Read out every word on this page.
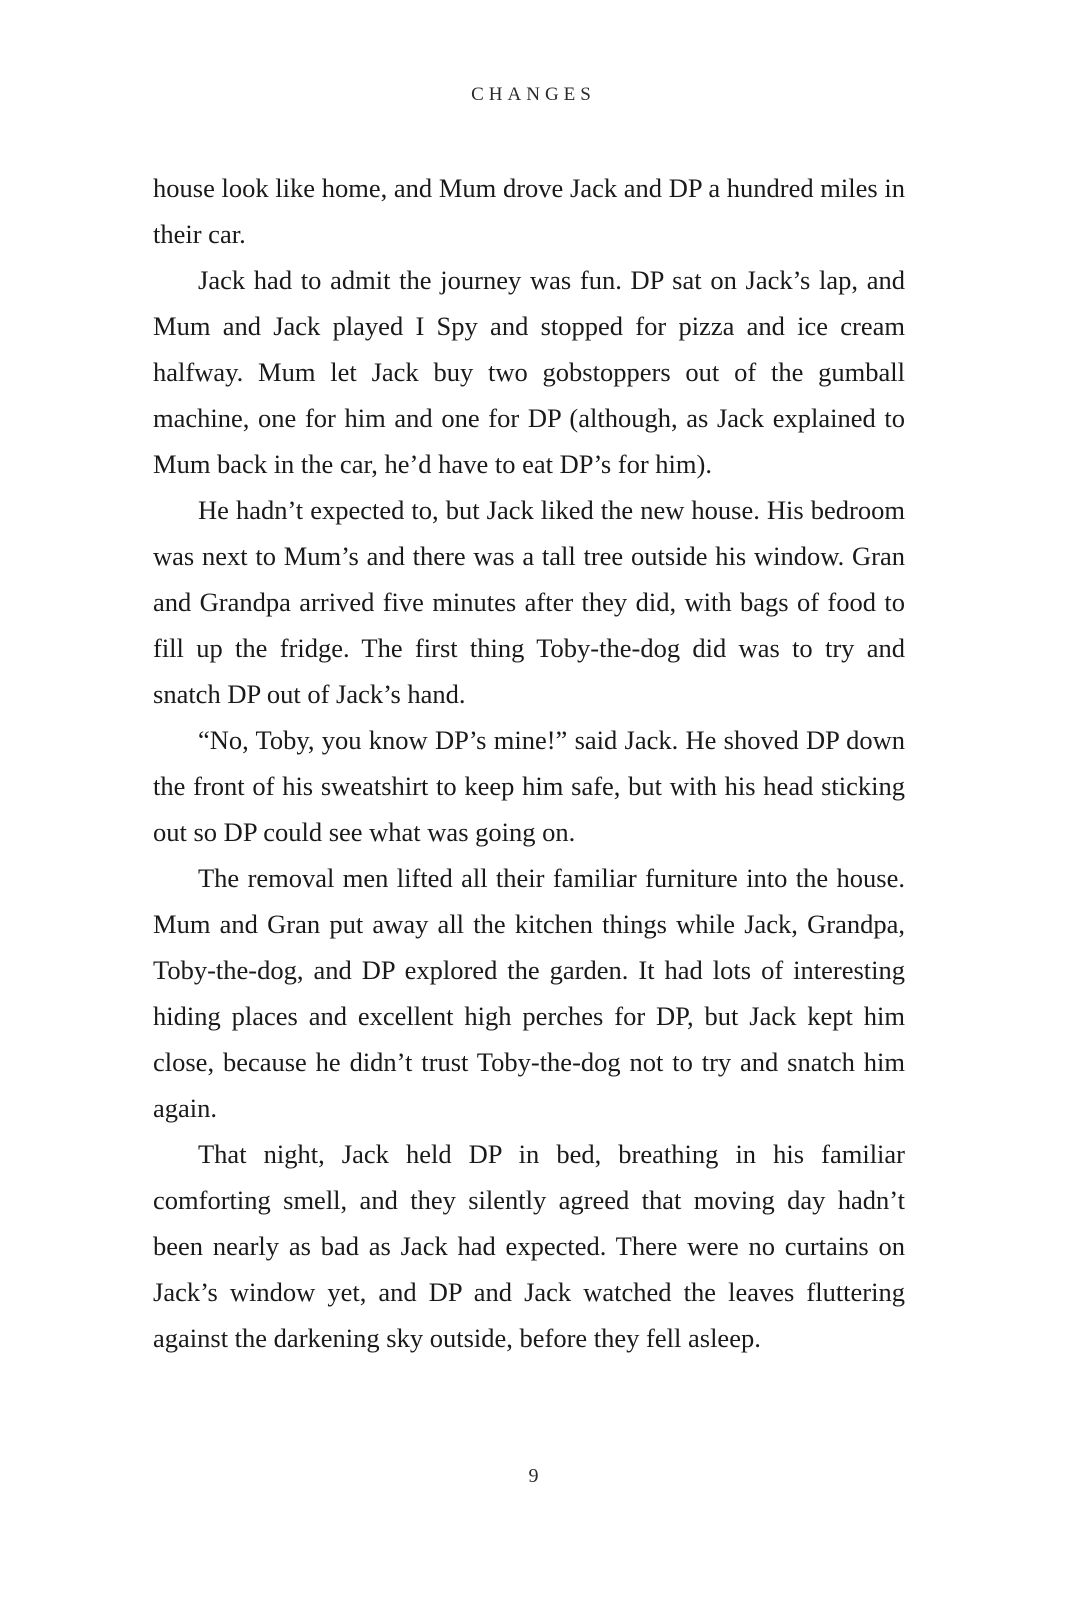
CHANGES

house look like home, and Mum drove Jack and DP a hundred miles in their car.

Jack had to admit the journey was fun. DP sat on Jack’s lap, and Mum and Jack played I Spy and stopped for pizza and ice cream halfway. Mum let Jack buy two gobstoppers out of the gumball machine, one for him and one for DP (although, as Jack explained to Mum back in the car, he’d have to eat DP’s for him).

He hadn’t expected to, but Jack liked the new house. His bedroom was next to Mum’s and there was a tall tree outside his window. Gran and Grandpa arrived five minutes after they did, with bags of food to fill up the fridge. The first thing Toby-the-dog did was to try and snatch DP out of Jack’s hand.

“No, Toby, you know DP’s mine!” said Jack. He shoved DP down the front of his sweatshirt to keep him safe, but with his head sticking out so DP could see what was going on.

The removal men lifted all their familiar furniture into the house. Mum and Gran put away all the kitchen things while Jack, Grandpa, Toby-the-dog, and DP explored the garden. It had lots of interesting hiding places and excellent high perches for DP, but Jack kept him close, because he didn’t trust Toby-the-dog not to try and snatch him again.

That night, Jack held DP in bed, breathing in his familiar comforting smell, and they silently agreed that moving day hadn’t been nearly as bad as Jack had expected. There were no curtains on Jack’s window yet, and DP and Jack watched the leaves fluttering against the darkening sky outside, before they fell asleep.

9
